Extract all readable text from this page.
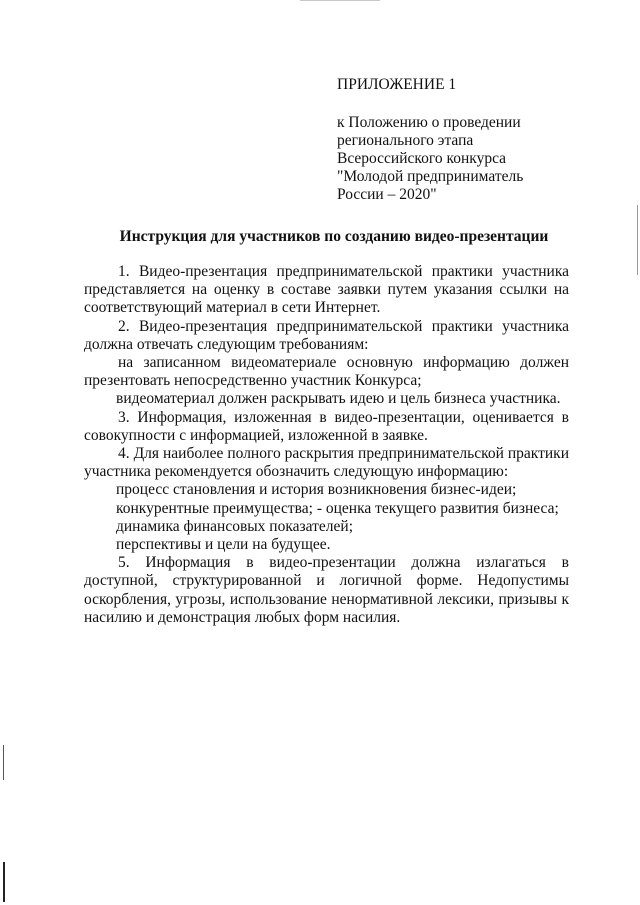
ПРИЛОЖЕНИЕ 1
к Положению о проведении
регионального этапа
Всероссийского конкурса
"Молодой предприниматель
России – 2020"
Инструкция для участников по созданию видео-презентации

1. Видео-презентация предпринимательской практики участника представляется на оценку в составе заявки путем указания ссылки на соответствующий материал в сети Интернет.

2. Видео-презентация предпринимательской практики участника должна отвечать следующим требованиям:

на записанном видеоматериале основную информацию должен презентовать непосредственно участник Конкурса;

видеоматериал должен раскрывать идею и цель бизнеса участника.

3. Информация, изложенная в видео-презентации, оценивается в совокупности с информацией, изложенной в заявке.

4. Для наиболее полного раскрытия предпринимательской практики участника рекомендуется обозначить следующую информацию:

процесс становления и история возникновения бизнес-идеи;

конкурентные преимущества; - оценка текущего развития бизнеса;

динамика финансовых показателей;

перспективы и цели на будущее.

5. Информация в видео-презентации должна излагаться в доступной, структурированной и логичной форме. Недопустимы оскорбления, угрозы, использование ненормативной лексики, призывы к насилию и демонстрация любых форм насилия.
